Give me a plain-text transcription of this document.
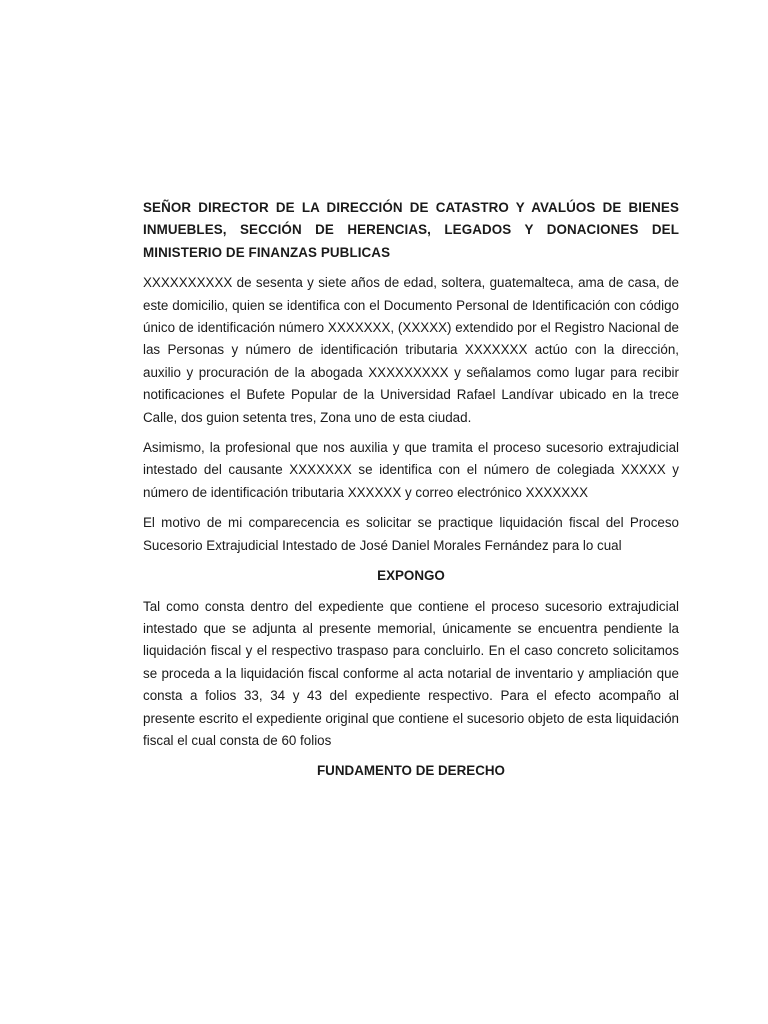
SEÑOR DIRECTOR DE LA DIRECCIÓN DE CATASTRO Y AVALÚOS DE BIENES INMUEBLES, SECCIÓN DE HERENCIAS, LEGADOS Y DONACIONES DEL MINISTERIO DE FINANZAS PUBLICAS

XXXXXXXXXX de sesenta y siete años de edad, soltera, guatemalteca, ama de casa, de este domicilio, quien se identifica con el Documento Personal de Identificación con código único de identificación número XXXXXXX, (XXXXX) extendido por el Registro Nacional de las Personas y número de identificación tributaria XXXXXXX actúo con la dirección, auxilio y procuración de la abogada XXXXXXXXX y señalamos como lugar para recibir notificaciones el Bufete Popular de la Universidad Rafael Landívar ubicado en la trece Calle, dos guion setenta tres, Zona uno de esta ciudad.

Asimismo, la profesional que nos auxilia y que tramita el proceso sucesorio extrajudicial intestado del causante XXXXXXX se identifica con el número de colegiada XXXXX y número de identificación tributaria XXXXXX y correo electrónico XXXXXXX

El motivo de mi comparecencia es solicitar se practique liquidación fiscal del Proceso Sucesorio Extrajudicial Intestado de José Daniel Morales Fernández para lo cual

EXPONGO

Tal como consta dentro del expediente que contiene el proceso sucesorio extrajudicial intestado que se adjunta al presente memorial, únicamente se encuentra pendiente la liquidación fiscal y el respectivo traspaso para concluirlo. En el caso concreto solicitamos se proceda a la liquidación fiscal conforme al acta notarial de inventario y ampliación que consta a folios 33, 34 y 43 del expediente respectivo. Para el efecto acompaño al presente escrito el expediente original que contiene el sucesorio objeto de esta liquidación fiscal el cual consta de 60 folios

FUNDAMENTO DE DERECHO
